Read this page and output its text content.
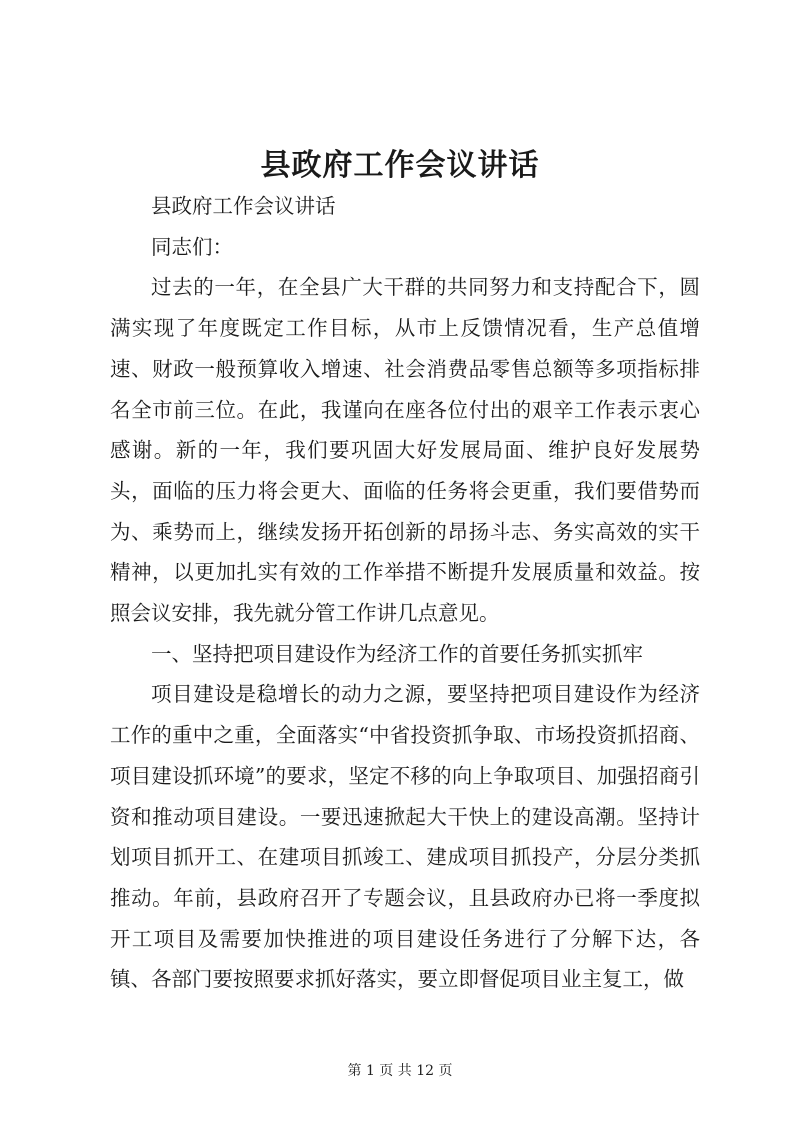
县政府工作会议讲话

县政府工作会议讲话

同志们：

过去的一年，在全县广大干群的共同努力和支持配合下，圆满实现了年度既定工作目标，从市上反馈情况看，生产总值增速、财政一般预算收入增速、社会消费品零售总额等多项指标排名全市前三位。在此，我谨向在座各位付出的艰辛工作表示衷心感谢。新的一年，我们要巩固大好发展局面、维护良好发展势头，面临的压力将会更大、面临的任务将会更重，我们要借势而为、乘势而上，继续发扬开拓创新的昂扬斗志、务实高效的实干精神，以更加扎实有效的工作举措不断提升发展质量和效益。按照会议安排，我先就分管工作讲几点意见。

一、坚持把项目建设作为经济工作的首要任务抓实抓牢

项目建设是稳增长的动力之源，要坚持把项目建设作为经济工作的重中之重，全面落实“中省投资抓争取、市场投资抓招商、项目建设抓环境”的要求，坚定不移的向上争取项目、加强招商引资和推动项目建设。一要迅速掀起大干快上的建设高潮。坚持计划项目抓开工、在建项目抓竣工、建成项目抓投产，分层分类抓推动。年前，县政府召开了专题会议，且县政府办已将一季度拟开工项目及需要加快推进的项目建设任务进行了分解下达，各镇、各部门要按照要求抓好落实，要立即督促项目业主复工，做

第 1 页 共 12 页
